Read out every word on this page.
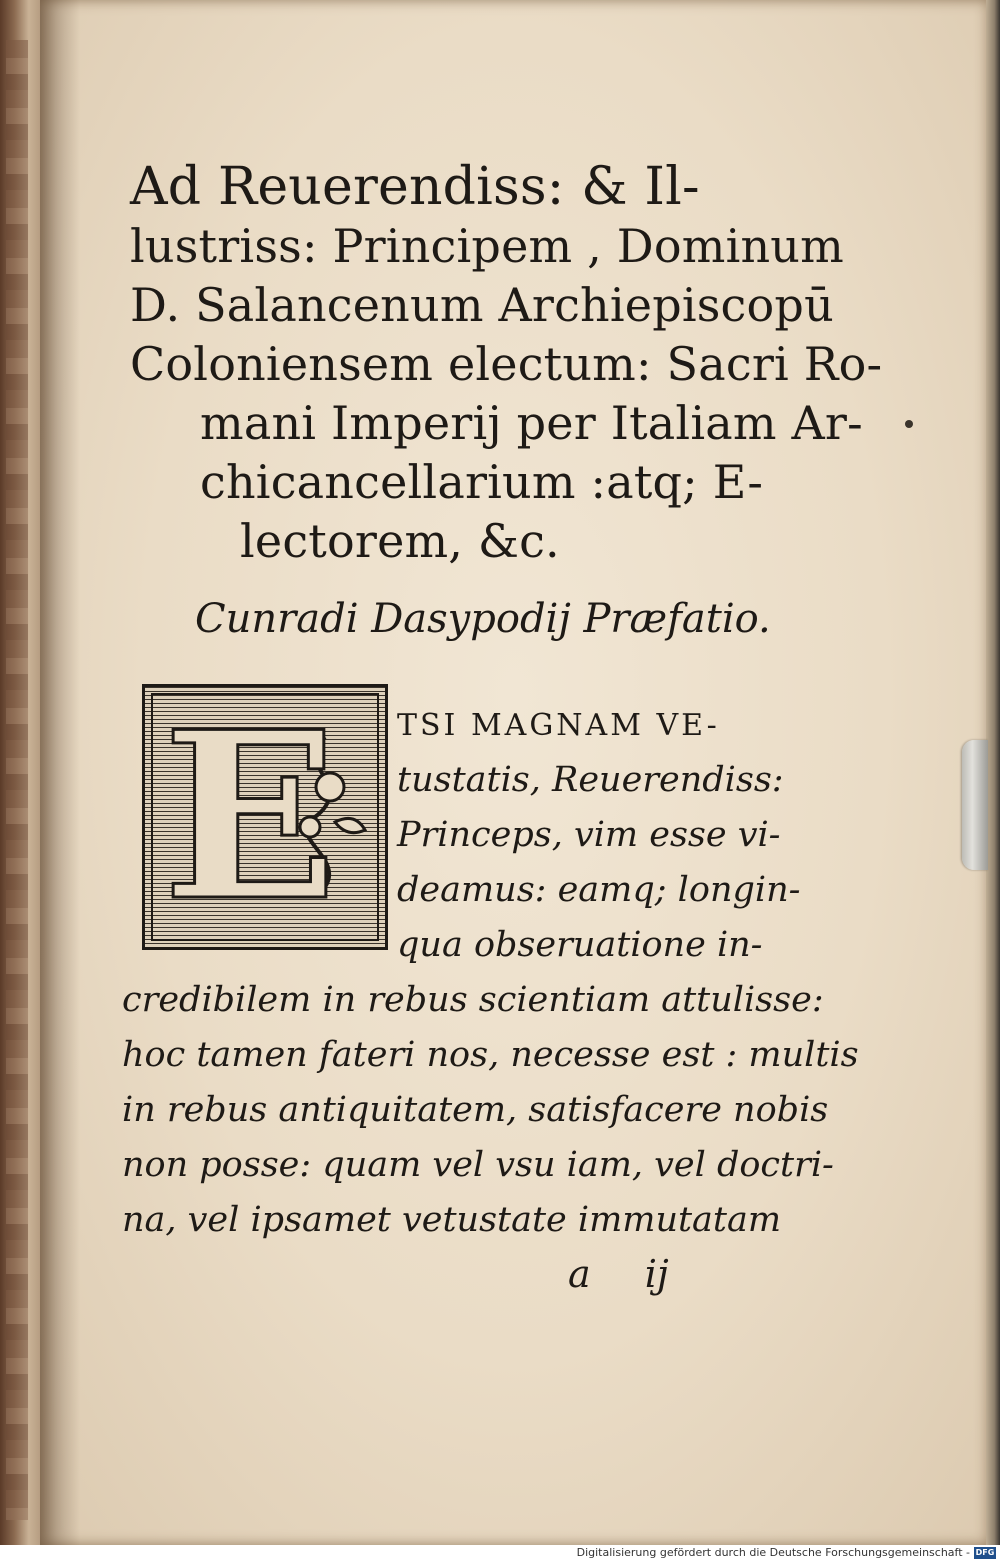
Ad Reuerendiss: & Il-
lustriss: Principem , Dominum
D. Salancenum Archiepiscopū
Coloniensem electum: Sacri Ro-
mani Imperij per Italiam Ar-
chicancellarium :atq; E-
lectorem, &c.
Cunradi Dasypodij Præfatio.
E	TSI MAGNAM VE-
tustatis, Reuerendiss:
Princeps, vim esse vi-
deamus: eamq; longin-
qua obseruatione in-
credibilem in rebus scientiam attulisse:
hoc tamen fateri nos, necesse est : multis
in rebus antiquitatem, satisfacere nobis
non posse: quam vel vsu iam, vel doctri-
na, vel ipsamet vetustate immutatam
a ij
Digitalisierung gefördert durch die Deutsche Forschungsgemeinschaft - DFG
